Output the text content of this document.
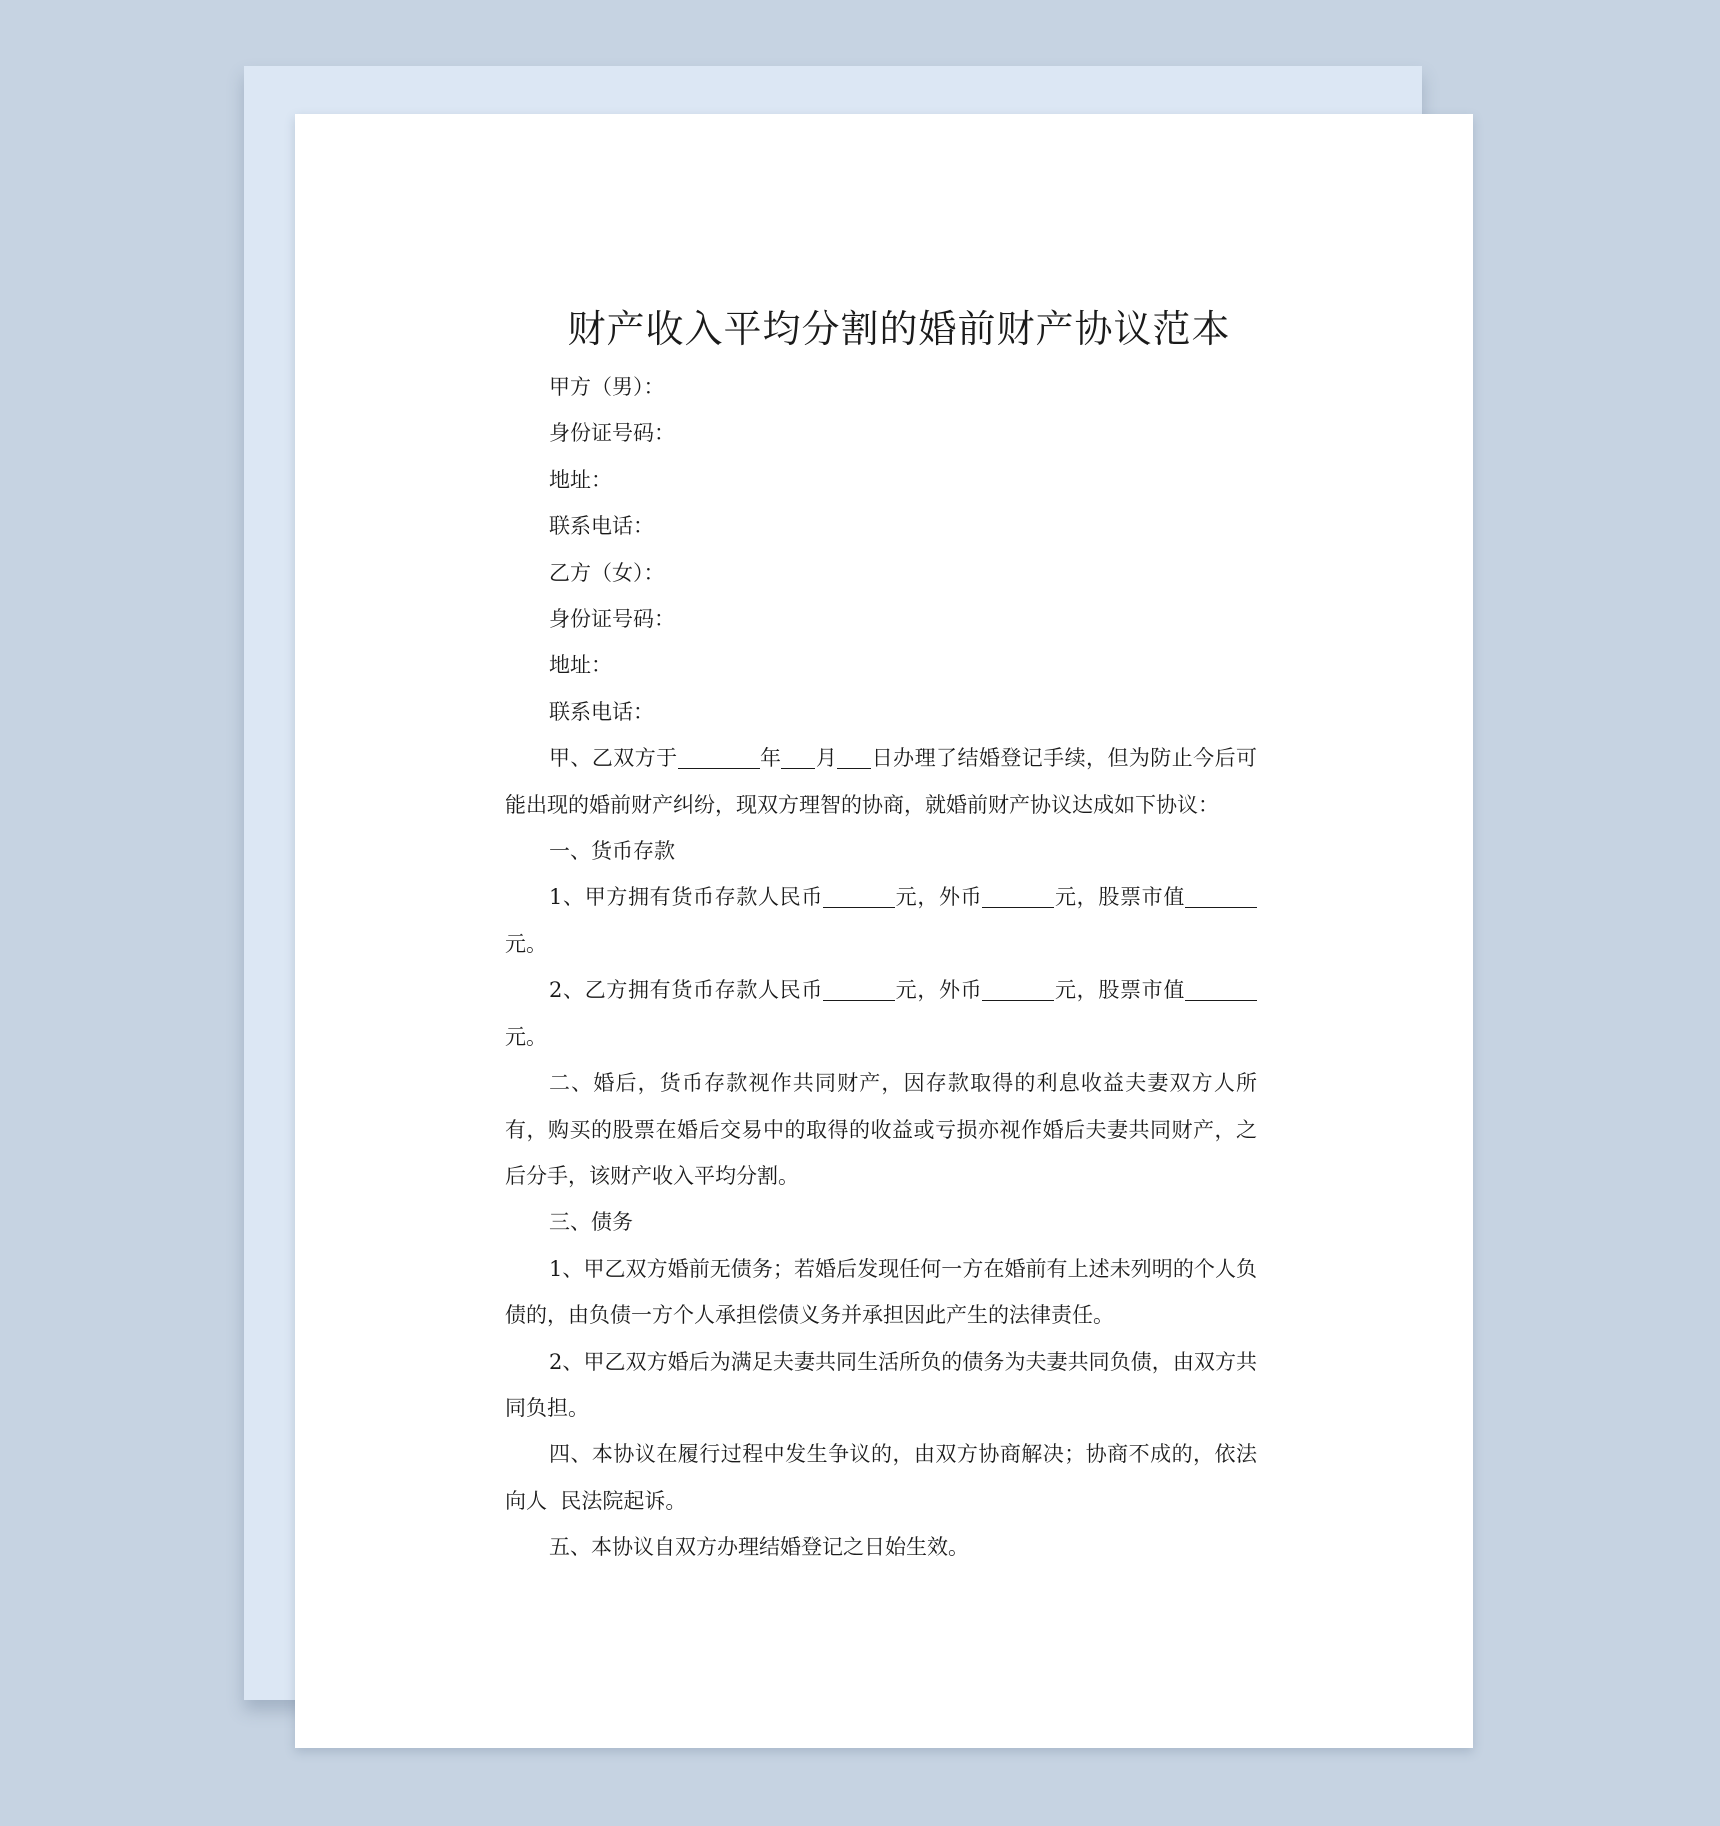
财产收入平均分割的婚前财产协议范本

甲方（男）：

身份证号码：

地址：

联系电话：

乙方（女）：

身份证号码：

地址：

联系电话：

甲、乙双方于	年 月 日办理了结婚登记手续，但为防止今后可能出现的婚前财产纠纷，现双方理智的协商，就婚前财产协议达成如下协议：

一、货币存款

1、甲方拥有货币存款人民币	元，外币	元，股票市值元。

2、乙方拥有货币存款人民币	元，外币	元，股票市值元。

二、婚后，货币存款视作共同财产，因存款取得的利息收益夫妻双方人所有，购买的股票在婚后交易中的取得的收益或亏损亦视作婚后夫妻共同财产，之后分手，该财产收入平均分割。

三、债务

1、甲乙双方婚前无债务；若婚后发现任何一方在婚前有上述未列明的个人负债的，由负债一方个人承担偿债义务并承担因此产生的法律责任。

2、甲乙双方婚后为满足夫妻共同生活所负的债务为夫妻共同负债，由双方共同负担。

四、本协议在履行过程中发生争议的，由双方协商解决；协商不成的，依法向人  民法院起诉。

五、本协议自双方办理结婚登记之日始生效。
